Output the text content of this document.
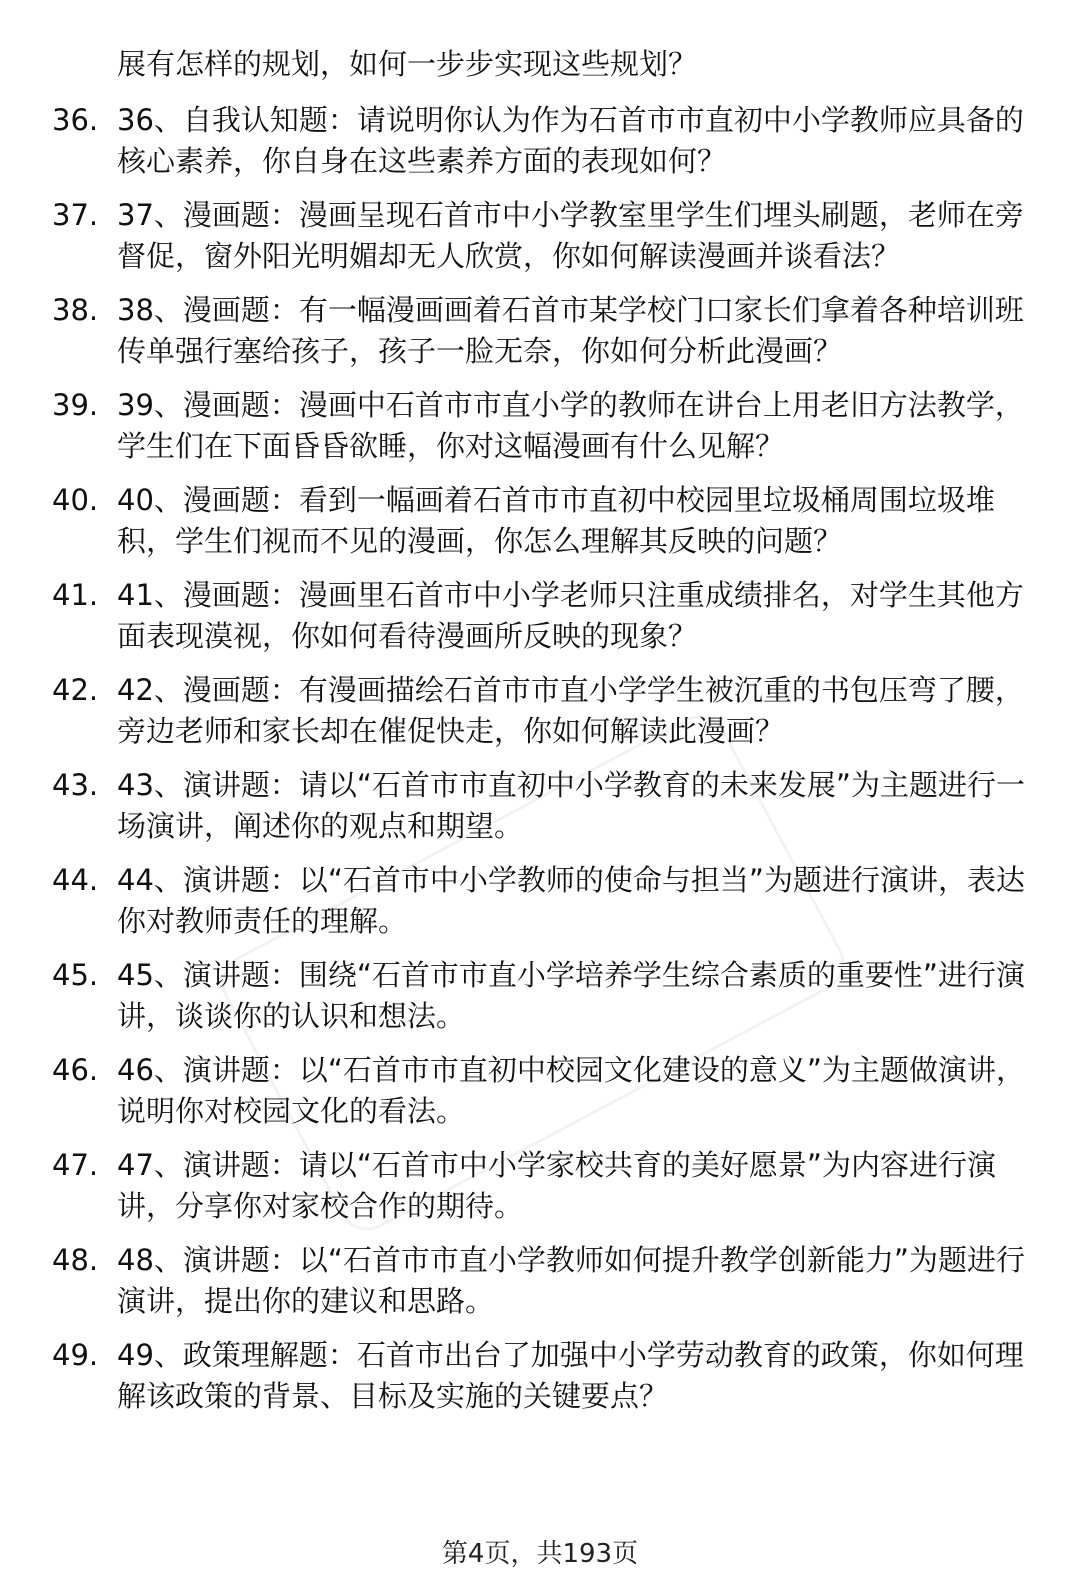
展有怎样的规划，如何一步步实现这些规划？
36. 36、自我认知题：请说明你认为作为石首市市直初中小学教师应具备的核心素养，你自身在这些素养方面的表现如何？
37. 37、漫画题：漫画呈现石首市中小学教室里学生们埋头刷题，老师在旁督促，窗外阳光明媚却无人欣赏，你如何解读漫画并谈看法？
38. 38、漫画题：有一幅漫画画着石首市某学校门口家长们拿着各种培训班传单强行塞给孩子，孩子一脸无奈，你如何分析此漫画？
39. 39、漫画题：漫画中石首市市直小学的教师在讲台上用老旧方法教学，学生们在下面昏昏欲睡，你对这幅漫画有什么见解？
40. 40、漫画题：看到一幅画着石首市市直初中校园里垃圾桶周围垃圾堆积，学生们视而不见的漫画，你怎么理解其反映的问题？
41. 41、漫画题：漫画里石首市中小学老师只注重成绩排名，对学生其他方面表现漠视，你如何看待漫画所反映的现象？
42. 42、漫画题：有漫画描绘石首市市直小学学生被沉重的书包压弯了腰，旁边老师和家长却在催促快走，你如何解读此漫画？
43. 43、演讲题：请以“石首市市直初中小学教育的未来发展”为主题进行一场演讲，阐述你的观点和期望。
44. 44、演讲题：以“石首市中小学教师的使命与担当”为题进行演讲，表达你对教师责任的理解。
45. 45、演讲题：围绕“石首市市直小学培养学生综合素质的重要性”进行演讲，谈谈你的认识和想法。
46. 46、演讲题：以“石首市市直初中校园文化建设的意义”为主题做演讲，说明你对校园文化的看法。
47. 47、演讲题：请以“石首市中小学家校共育的美好愿景”为内容进行演讲，分享你对家校合作的期待。
48. 48、演讲题：以“石首市市直小学教师如何提升教学创新能力”为题进行演讲，提出你的建议和思路。
49. 49、政策理解题：石首市出台了加强中小学劳动教育的政策，你如何理解该政策的背景、目标及实施的关键要点？
第4页，共193页
